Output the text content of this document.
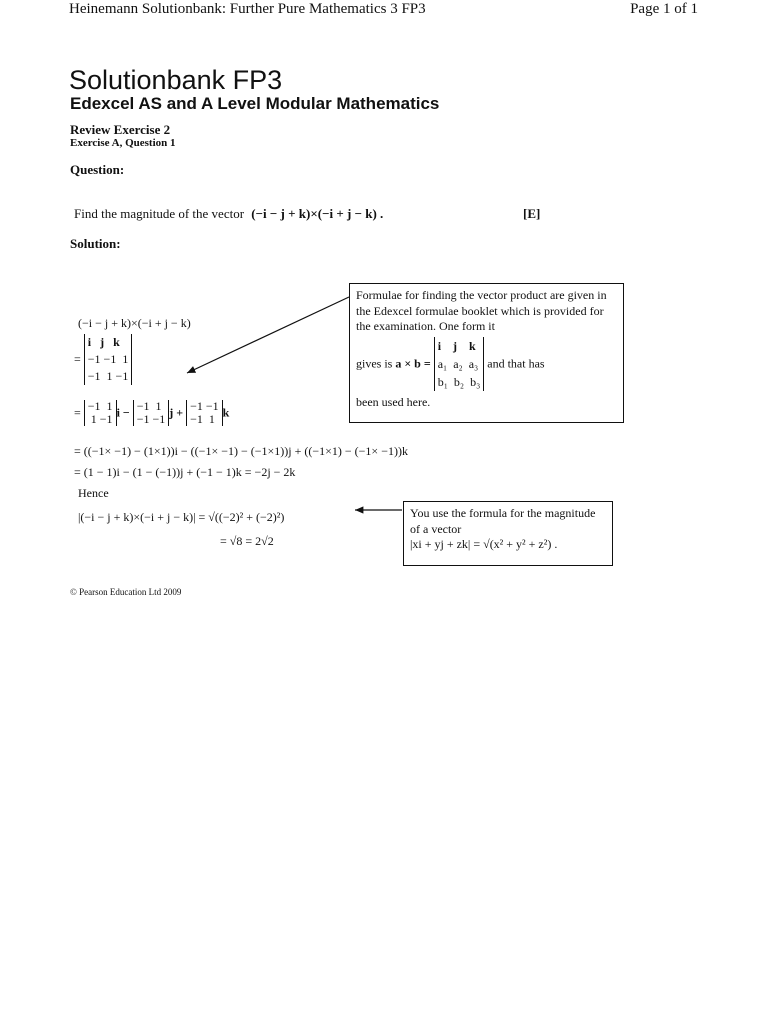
Heinemann Solutionbank: Further Pure Mathematics 3 FP3	Page 1 of 1
Solutionbank FP3
Edexcel AS and A Level Modular Mathematics
Review Exercise 2
Exercise A, Question 1
Question:
Find the magnitude of the vector (−i − j + k)×(−i + j − k) .	[E]
Solution:
(−i − j + k)×(−i + j − k)
=
i   j   k
−1 −1  1
−1  1 −1
= −1  1
1 −1 i − −1  1
−1 −1 j + −1 −1
−1  1 k
= ((−1× −1) − (1×1))i − ((−1× −1) − (−1×1))j + ((−1×1) − (−1× −1))k
= (1 − 1)i − (1 − (−1))j + (−1 − 1)k = −2j − 2k
Hence
|(−i − j + k)×(−i + j − k)| = √((−2)² + (−2)²)
= √8 = 2√2
Formulae for finding the vector product are given in the Edexcel formulae booklet which is provided for the examination. One form it
gives is a × b =
i    j    k
a₁  a₂  a₃
b₁  b₂  b₃
and that has
been used here.
You use the formula for the magnitude of a vector
|xi + yj + zk| = √(x² + y² + z²) .
© Pearson Education Ltd 2009
